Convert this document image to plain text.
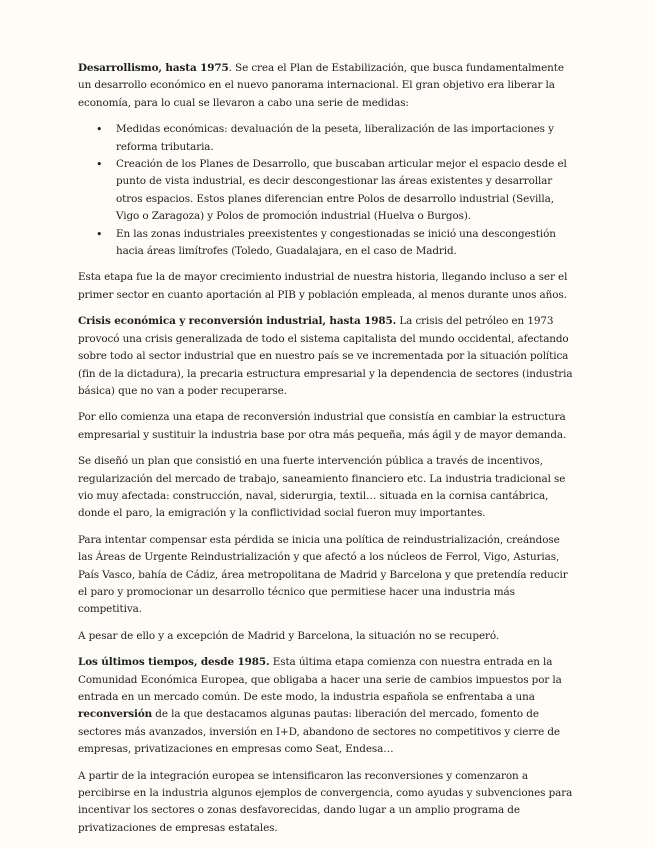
Desarrollismo, hasta 1975. Se crea el Plan de Estabilización, que busca fundamentalmente un desarrollo económico en el nuevo panorama internacional. El gran objetivo era liberar la economía, para lo cual se llevaron a cabo una serie de medidas:

• Medidas económicas: devaluación de la peseta, liberalización de las importaciones y reforma tributaria.
• Creación de los Planes de Desarrollo, que buscaban articular mejor el espacio desde el punto de vista industrial, es decir descongestionar las áreas existentes y desarrollar otros espacios. Estos planes diferencian entre Polos de desarrollo industrial (Sevilla, Vigo o Zaragoza) y Polos de promoción industrial (Huelva o Burgos).
• En las zonas industriales preexistentes y congestionadas se inició una descongestión hacia áreas limítrofes (Toledo, Guadalajara, en el caso de Madrid.

Esta etapa fue la de mayor crecimiento industrial de nuestra historia, llegando incluso a ser el primer sector en cuanto aportación al PIB y población empleada, al menos durante unos años.

Crisis económica y reconversión industrial, hasta 1985. La crisis del petróleo en 1973 provocó una crisis generalizada de todo el sistema capitalista del mundo occidental, afectando sobre todo al sector industrial que en nuestro país se ve incrementada por la situación política (fin de la dictadura), la precaria estructura empresarial y la dependencia de sectores (industria básica) que no van a poder recuperarse.

Por ello comienza una etapa de reconversión industrial que consistía en cambiar la estructura empresarial y sustituir la industria base por otra más pequeña, más ágil y de mayor demanda.

Se diseñó un plan que consistió en una fuerte intervención pública a través de incentivos, regularización del mercado de trabajo, saneamiento financiero etc. La industria tradicional se vio muy afectada: construcción, naval, siderurgia, textil… situada en la cornisa cantábrica, donde el paro, la emigración y la conflictividad social fueron muy importantes.

Para intentar compensar esta pérdida se inicia una política de reindustrialización, creándose las Áreas de Urgente Reindustrialización y que afectó a los núcleos de Ferrol, Vigo, Asturias, País Vasco, bahía de Cádiz, área metropolitana de Madrid y Barcelona y que pretendía reducir el paro y promocionar un desarrollo técnico que permitiese hacer una industria más competitiva.

A pesar de ello y a excepción de Madrid y Barcelona, la situación no se recuperó.

Los últimos tiempos, desde 1985. Esta última etapa comienza con nuestra entrada en la Comunidad Económica Europea, que obligaba a hacer una serie de cambios impuestos por la entrada en un mercado común. De este modo, la industria española se enfrentaba a una reconversión de la que destacamos algunas pautas: liberación del mercado, fomento de sectores más avanzados, inversión en I+D, abandono de sectores no competitivos y cierre de empresas, privatizaciones en empresas como Seat, Endesa…

A partir de la integración europea se intensificaron las reconversiones y comenzaron a percibirse en la industria algunos ejemplos de convergencia, como ayudas y subvenciones para incentivar los sectores o zonas desfavorecidas, dando lugar a un amplio programa de privatizaciones de empresas estatales.
